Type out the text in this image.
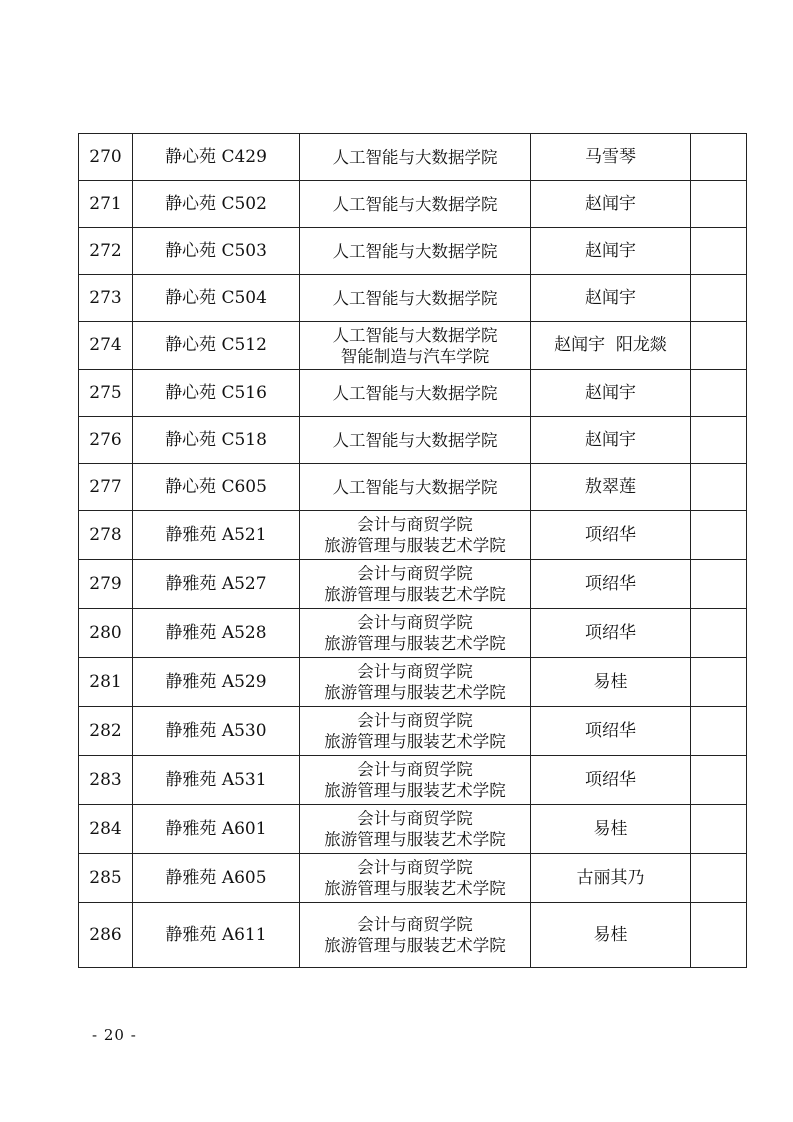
270	静心苑 C429	人工智能与大数据学院	马雪琴	
271	静心苑 C502	人工智能与大数据学院	赵闻宇	
272	静心苑 C503	人工智能与大数据学院	赵闻宇	
273	静心苑 C504	人工智能与大数据学院	赵闻宇	
274	静心苑 C512	人工智能与大数据学院
智能制造与汽车学院	赵闻宇  阳龙燚	
275	静心苑 C516	人工智能与大数据学院	赵闻宇	
276	静心苑 C518	人工智能与大数据学院	赵闻宇	
277	静心苑 C605	人工智能与大数据学院	敖翠莲	
278	静雅苑 A521	会计与商贸学院
旅游管理与服装艺术学院	项绍华	
279	静雅苑 A527	会计与商贸学院
旅游管理与服装艺术学院	项绍华	
280	静雅苑 A528	会计与商贸学院
旅游管理与服装艺术学院	项绍华	
281	静雅苑 A529	会计与商贸学院
旅游管理与服装艺术学院	易桂	
282	静雅苑 A530	会计与商贸学院
旅游管理与服装艺术学院	项绍华	
283	静雅苑 A531	会计与商贸学院
旅游管理与服装艺术学院	项绍华	
284	静雅苑 A601	会计与商贸学院
旅游管理与服装艺术学院	易桂	
285	静雅苑 A605	会计与商贸学院
旅游管理与服装艺术学院	古丽其乃	
286	静雅苑 A611	会计与商贸学院
旅游管理与服装艺术学院	易桂	
- 20 -
